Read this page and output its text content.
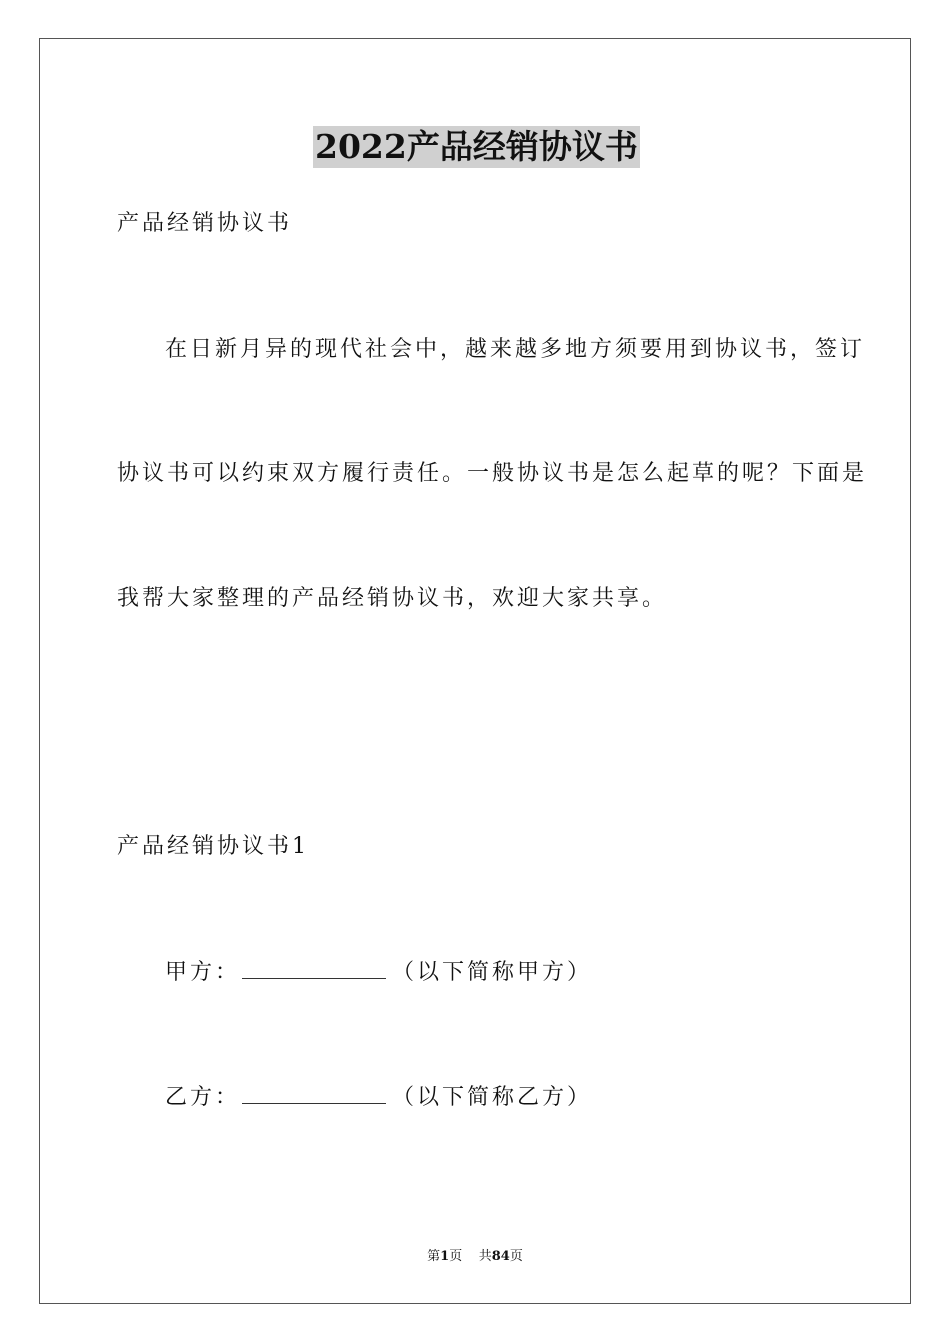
2022产品经销协议书
产品经销协议书
在日新月异的现代社会中，越来越多地方须要用到协议书，签订
协议书可以约束双方履行责任。一般协议书是怎么起草的呢？下面是
我帮大家整理的产品经销协议书，欢迎大家共享。
产品经销协议书1
甲方：	（以下简称甲方）
乙方：	（以下简称乙方）
第1页 共84页
